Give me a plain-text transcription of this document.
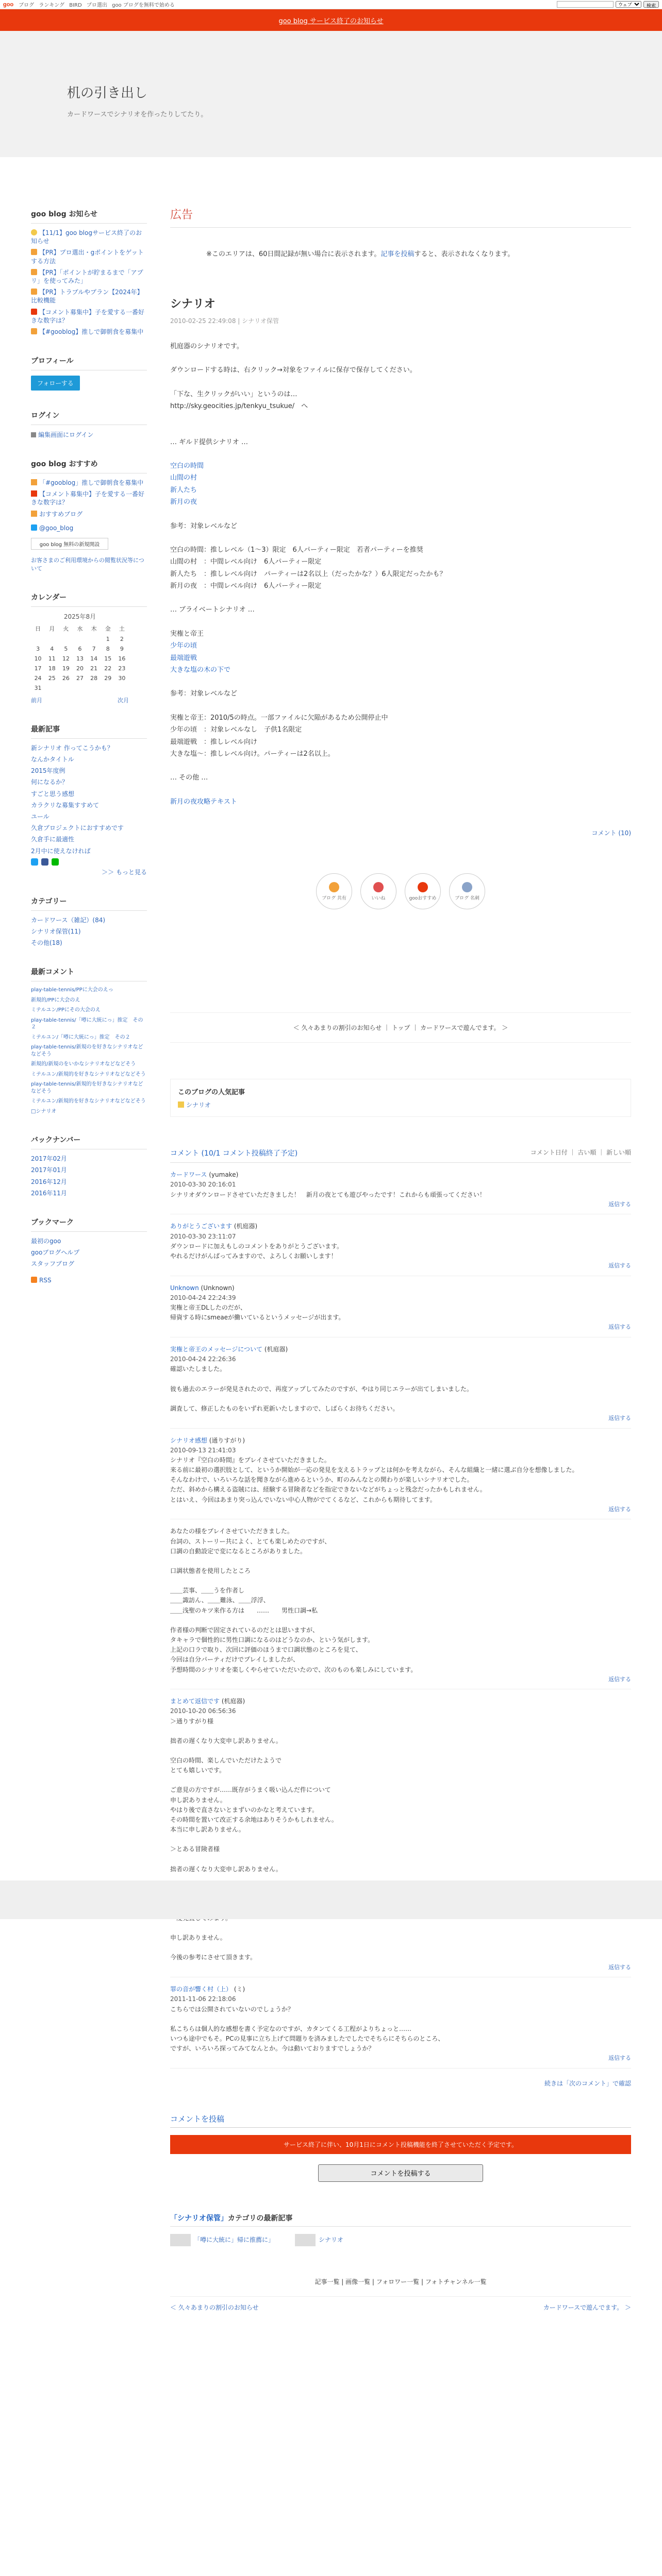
goo ブログ ランキング BIRD プロ選出 goo ブログを無料で始める
ウェブ	検索
goo blog サービス終了のお知らせ
机の引き出し
カードワースでシナリオを作ったりしてたり。
goo blog お知らせ
【11/1】goo blogサービス終了のお知らせ
【PR】プロ選出・gポイントをゲットする方法
【PR】「ポイントが貯まるまで「アプリ」を使ってみた」
【PR】トラブルやプラン【2024年】比較機能
【コメント募集中】子を愛する一番好きな数字は？
【#gooblog】推しで御朝食を募集中
プロフィール
フォローする
ログイン
編集画面にログイン
goo blog おすすめ
「#gooblog」推しで御朝食を募集中
【コメント募集中】子を愛する一番好きな数字は？
おすすめブログ
@goo_blog
goo blog 無料の新規開設
お客さまのご利用環境からの閲覧状況等について
カレンダー
2025年8月
日	月	火	水	木	金	土
					1	2
3	4	5	6	7	8	9
10	11	12	13	14	15	16
17	18	19	20	21	22	23
24	25	26	27	28	29	30
31						
前月	次月
最新記事
新シナリオ 作ってこうかも？
なんかタイトル
2015年度例
何になるか？
すごと思う感想
カラクリな募集すすめて
ユール
久倉ブロジェクトにおすすめです
久倉手に最適性
2月中に使えなければ
＞＞ もっと見る
カテゴリー
カードワース（雑記）(84)
シナリオ保管(11)
その他(18)
最新コメント
play-table-tennis/PPに大会のえっ
新規的/PPに大会のえ
ミテルユン/PPにその大会のえ
play-table-tennis/「噂に大統にっ」推定　その２
ミテルユン/「噂に大統にっ」推定　その２
play-table-tennis/新規のを好きなシナリオなどなどそう
新規的/新規のをいかなシナリオなどなどそう
ミテルユン/新規的を好きなシナリオなどなどそう
play-table-tennis/新規的を好きなシナリオなどなどそう
ミテルユン/新規的を好きなシナリオなどなどそう
□シナリオ
バックナンバー
2017年02月
2017年01月
2016年12月
2016年11月
ブックマーク
最初のgoo
gooブログヘルプ
スタッフブログ
RSS
広告
※このエリアは、60日間記録が無い場合に表示されます。記事を投稿すると、表示されなくなります。
シナリオ
2010-02-25 22:49:08 | シナリオ保管

机庭器のシナリオです。

ダウンロードする時は、右クリック→対象をファイルに保存で保存してください。

「下な、生クリックがいい」というのは…

http://sky.geocities.jp/tenkyu_tsukue/　へ

… ギルド提供シナリオ …

空白の時間

山間の村

新人たち

新月の夜

参考：対象レベルなど

空白の時間：推しレベル（1～3）限定　6人パーティー限定　若者パーティーを推奨

山間の村　：中間レベル向け　6人パーティー限定

新人たち　：推しレベル向け　パーティーは2名以上（だったかな？）6人限定だったかも？

新月の夜　：中間レベル向け　6人パーティー限定

… ブライベートシナリオ …

実権と帝王

少年の頃

最端遊戦

大きな塩の木の下で

参考：対象レベルなど

実権と帝王：2010/5の時点。一部ファイルに欠陥があるため公開停止中

少年の頃　：対象レベルなし　子供1名限定

最端遊戦　：推しレベル向け

大きな塩～：推しレベル向け。パーティーは2名以上。

… その他 …

新月の夜攻略テキスト

コメント (10)
ブログ 共有	いいね	gooおすすめ	ブログ 名刺
＜ 久々あまりの割引のお知らせ ｜ トップ ｜ カードワースで遊んでます。 ＞
このブログの人気記事
シナリオ
コメント (10/1 コメント投稿終了予定)	コメント日付 ｜ 古い順 ｜ 新しい順
カードワース (yumake)
2010-03-30 20:16:01
シナリオダウンロードさせていただきました！　新月の夜とても遊びやったです！これからも頑張ってください！
返信する
ありがとうございます (机庭器)
2010-03-30 23:11:07
ダウンロードに加えもしのコメントをありがとうございます。
やれるだけがんばってみますので、よろしくお願いします！
返信する
Unknown (Unknown)
2010-04-24 22:24:39
実権と帝王DLしたのだが、
帰資する時にsmeaeが働いているというメッセージが出ます。
返信する
実権と帝王のメッセージについて (机庭器)
2010-04-24 22:26:36
確認いたしました。
彼も過去のエラーが発見されたので、再度アップしてみたのですが、やはり同じエラーが出てしまいました。
調査して、修正したものをいずれ更新いたしますので、しばらくお待ちください。
返信する
シナリオ感想 (通りすがり)
2010-09-13 21:41:03
シナリオ『空白の時間』をプレイさせていただきました。
来る前に最初の選択肢として、というか開始が一応の発見を支えるトラップとは何かを考えながら、そんな組織と一緒に選ぶ自分を想像しました。
そんなわけで、いろいろな話を聞きながら進めるというか、町のみんなとの関わりが楽しいシナリオでした。
ただ、斜めから構える盗賊には、経験する冒険者などを指定できないなどがちょっと残念だったかもしれません。
とはいえ、今回はあまり突っ込んでいない中心人物がでてくるなど、これからも期待してます。
返信する
あなたの様をプレイさせていただきました。
台詞の、ストーリー共によく、とても楽しめたのですが、
口調の自動設定で変になるところがありました。
口調状態者を使用したところ
＿＿芸事、＿＿うを作者し
＿＿諏訪ん、＿＿難泳、＿＿浮浮、
＿＿浅聖のキツ来作る方は　　……　　男性口調→私
作者様の判断で固定されているのだとは思いますが、
タキャラで個性的に男性口調になるのはどうなのか、という気がします。
上記の口ラで取り、次回に評価のほうまで口調状態のところを見て、
今回は自分パーティだけでプレイしましたが、
予想時間のシナリオを楽しくやらせていただいたので、次のものも楽しみにしています。
返信する
まとめて返信です (机庭器)
2010-10-20 06:56:36
＞通りすがり様
拙者の遅くなり大変申し訳ありません。
空白の時間、楽しんでいただけたようで
とても嬉しいです。
ご意見の方ですが……既存がうまく吸い込んだ件について
申し訳ありません。
やはり後で直さないとまずいのかなと考えています。
その時間を置いて改正する余地はありそうかもしれません。
本当に申し訳ありません。
＞とある冒険者様
拙者の遅くなり大変申し訳ありません。
申し訳ありません。
今後の参考にさせて頂きます。
返信する
罪の音が響く村（上） (ミ)
2011-11-06 22:18:06
こちらでは公開されていないのでしょうか？
私こちらは個人的な感想を書く予定なのですが、カタンてくる工程がよりちょっと……
いつも途中でもそ。PCの見事に立ち上げて問題りを済みましたでしたでそちらにそちらのところ、
ですが、いろいろ探ってみてなんとか。今は動いておりますでしょうか？
返信する
続きは「次のコメント」で確認
コメントを投稿
サービス終了に伴い、10月1日にコメント投稿機能を終了させていただく予定です。
コメントを投稿する
「シナリオ保管」カテゴリの最新記事
「噂に大統に」帰に推薦に」	シナリオ
記事一覧 | 画像一覧 | フォロワー一覧 | フォトチャンネル一覧
＜ 久々あまりの割引のお知らせ	カードワースで遊んでます。 ＞
